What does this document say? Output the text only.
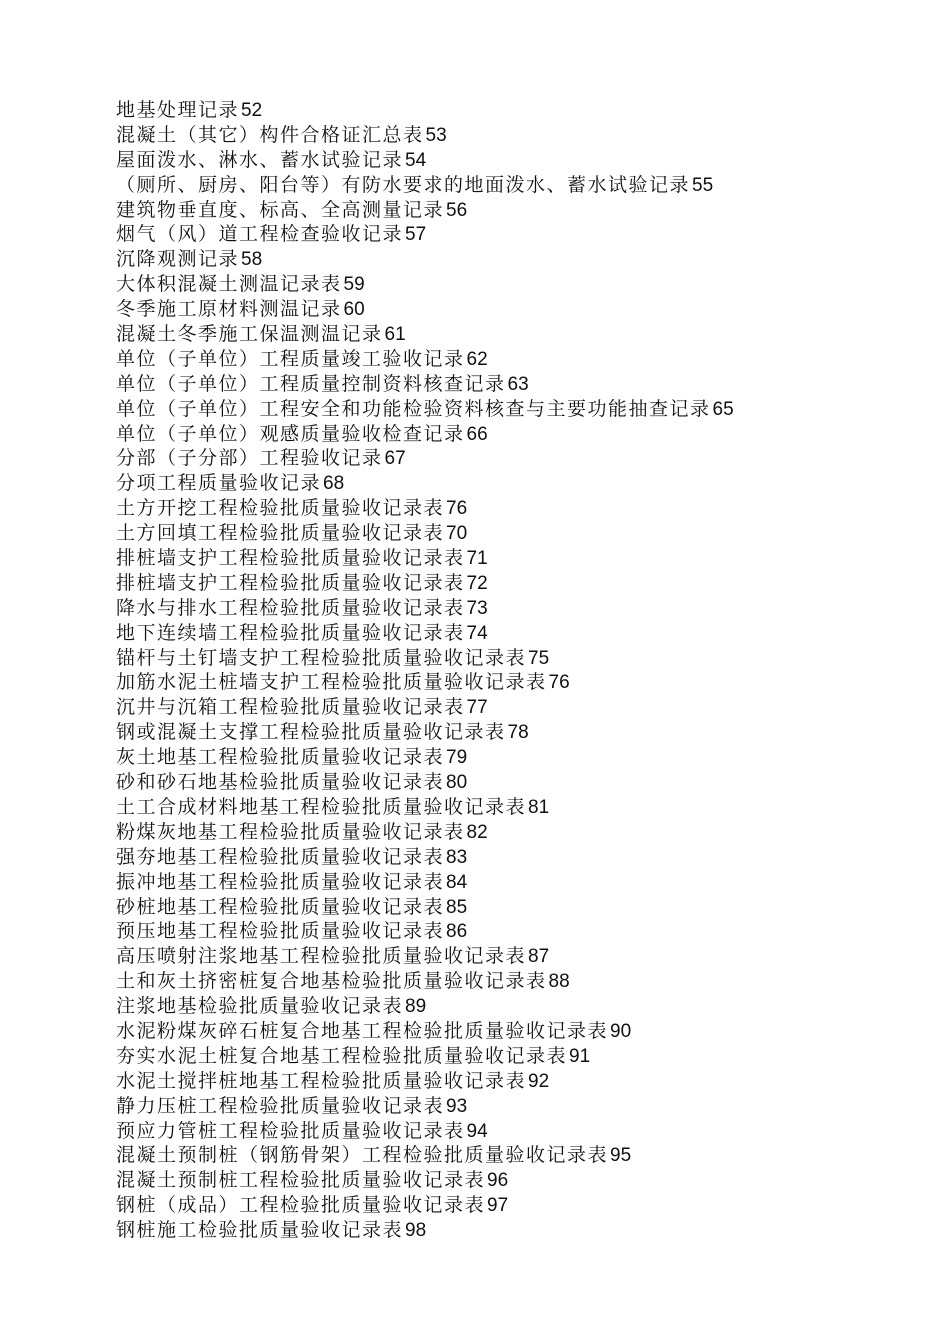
地基处理记录 52
混凝土（其它）构件合格证汇总表 53
屋面泼水、淋水、蓄水试验记录 54
（厕所、厨房、阳台等）有防水要求的地面泼水、蓄水试验记录 55
建筑物垂直度、标高、全高测量记录 56
烟气（风）道工程检查验收记录 57
沉降观测记录 58
大体积混凝土测温记录表 59
冬季施工原材料测温记录 60
混凝土冬季施工保温测温记录 61
单位（子单位）工程质量竣工验收记录 62
单位（子单位）工程质量控制资料核查记录 63
单位（子单位）工程安全和功能检验资料核查与主要功能抽查记录 65
单位（子单位）观感质量验收检查记录 66
分部（子分部）工程验收记录 67
分项工程质量验收记录 68
土方开挖工程检验批质量验收记录表 76
土方回填工程检验批质量验收记录表 70
排桩墙支护工程检验批质量验收记录表 71
排桩墙支护工程检验批质量验收记录表 72
降水与排水工程检验批质量验收记录表 73
地下连续墙工程检验批质量验收记录表 74
锚杆与土钉墙支护工程检验批质量验收记录表 75
加筋水泥土桩墙支护工程检验批质量验收记录表 76
沉井与沉箱工程检验批质量验收记录表 77
钢或混凝土支撑工程检验批质量验收记录表 78
灰土地基工程检验批质量验收记录表 79
砂和砂石地基检验批质量验收记录表 80
土工合成材料地基工程检验批质量验收记录表 81
粉煤灰地基工程检验批质量验收记录表 82
强夯地基工程检验批质量验收记录表 83
振冲地基工程检验批质量验收记录表 84
砂桩地基工程检验批质量验收记录表 85
预压地基工程检验批质量验收记录表 86
高压喷射注浆地基工程检验批质量验收记录表 87
土和灰土挤密桩复合地基检验批质量验收记录表 88
注浆地基检验批质量验收记录表 89
水泥粉煤灰碎石桩复合地基工程检验批质量验收记录表 90
夯实水泥土桩复合地基工程检验批质量验收记录表 91
水泥土搅拌桩地基工程检验批质量验收记录表 92
静力压桩工程检验批质量验收记录表 93
预应力管桩工程检验批质量验收记录表 94
混凝土预制桩（钢筋骨架）工程检验批质量验收记录表 95
混凝土预制桩工程检验批质量验收记录表 96
钢桩（成品）工程检验批质量验收记录表 97
钢桩施工检验批质量验收记录表 98
